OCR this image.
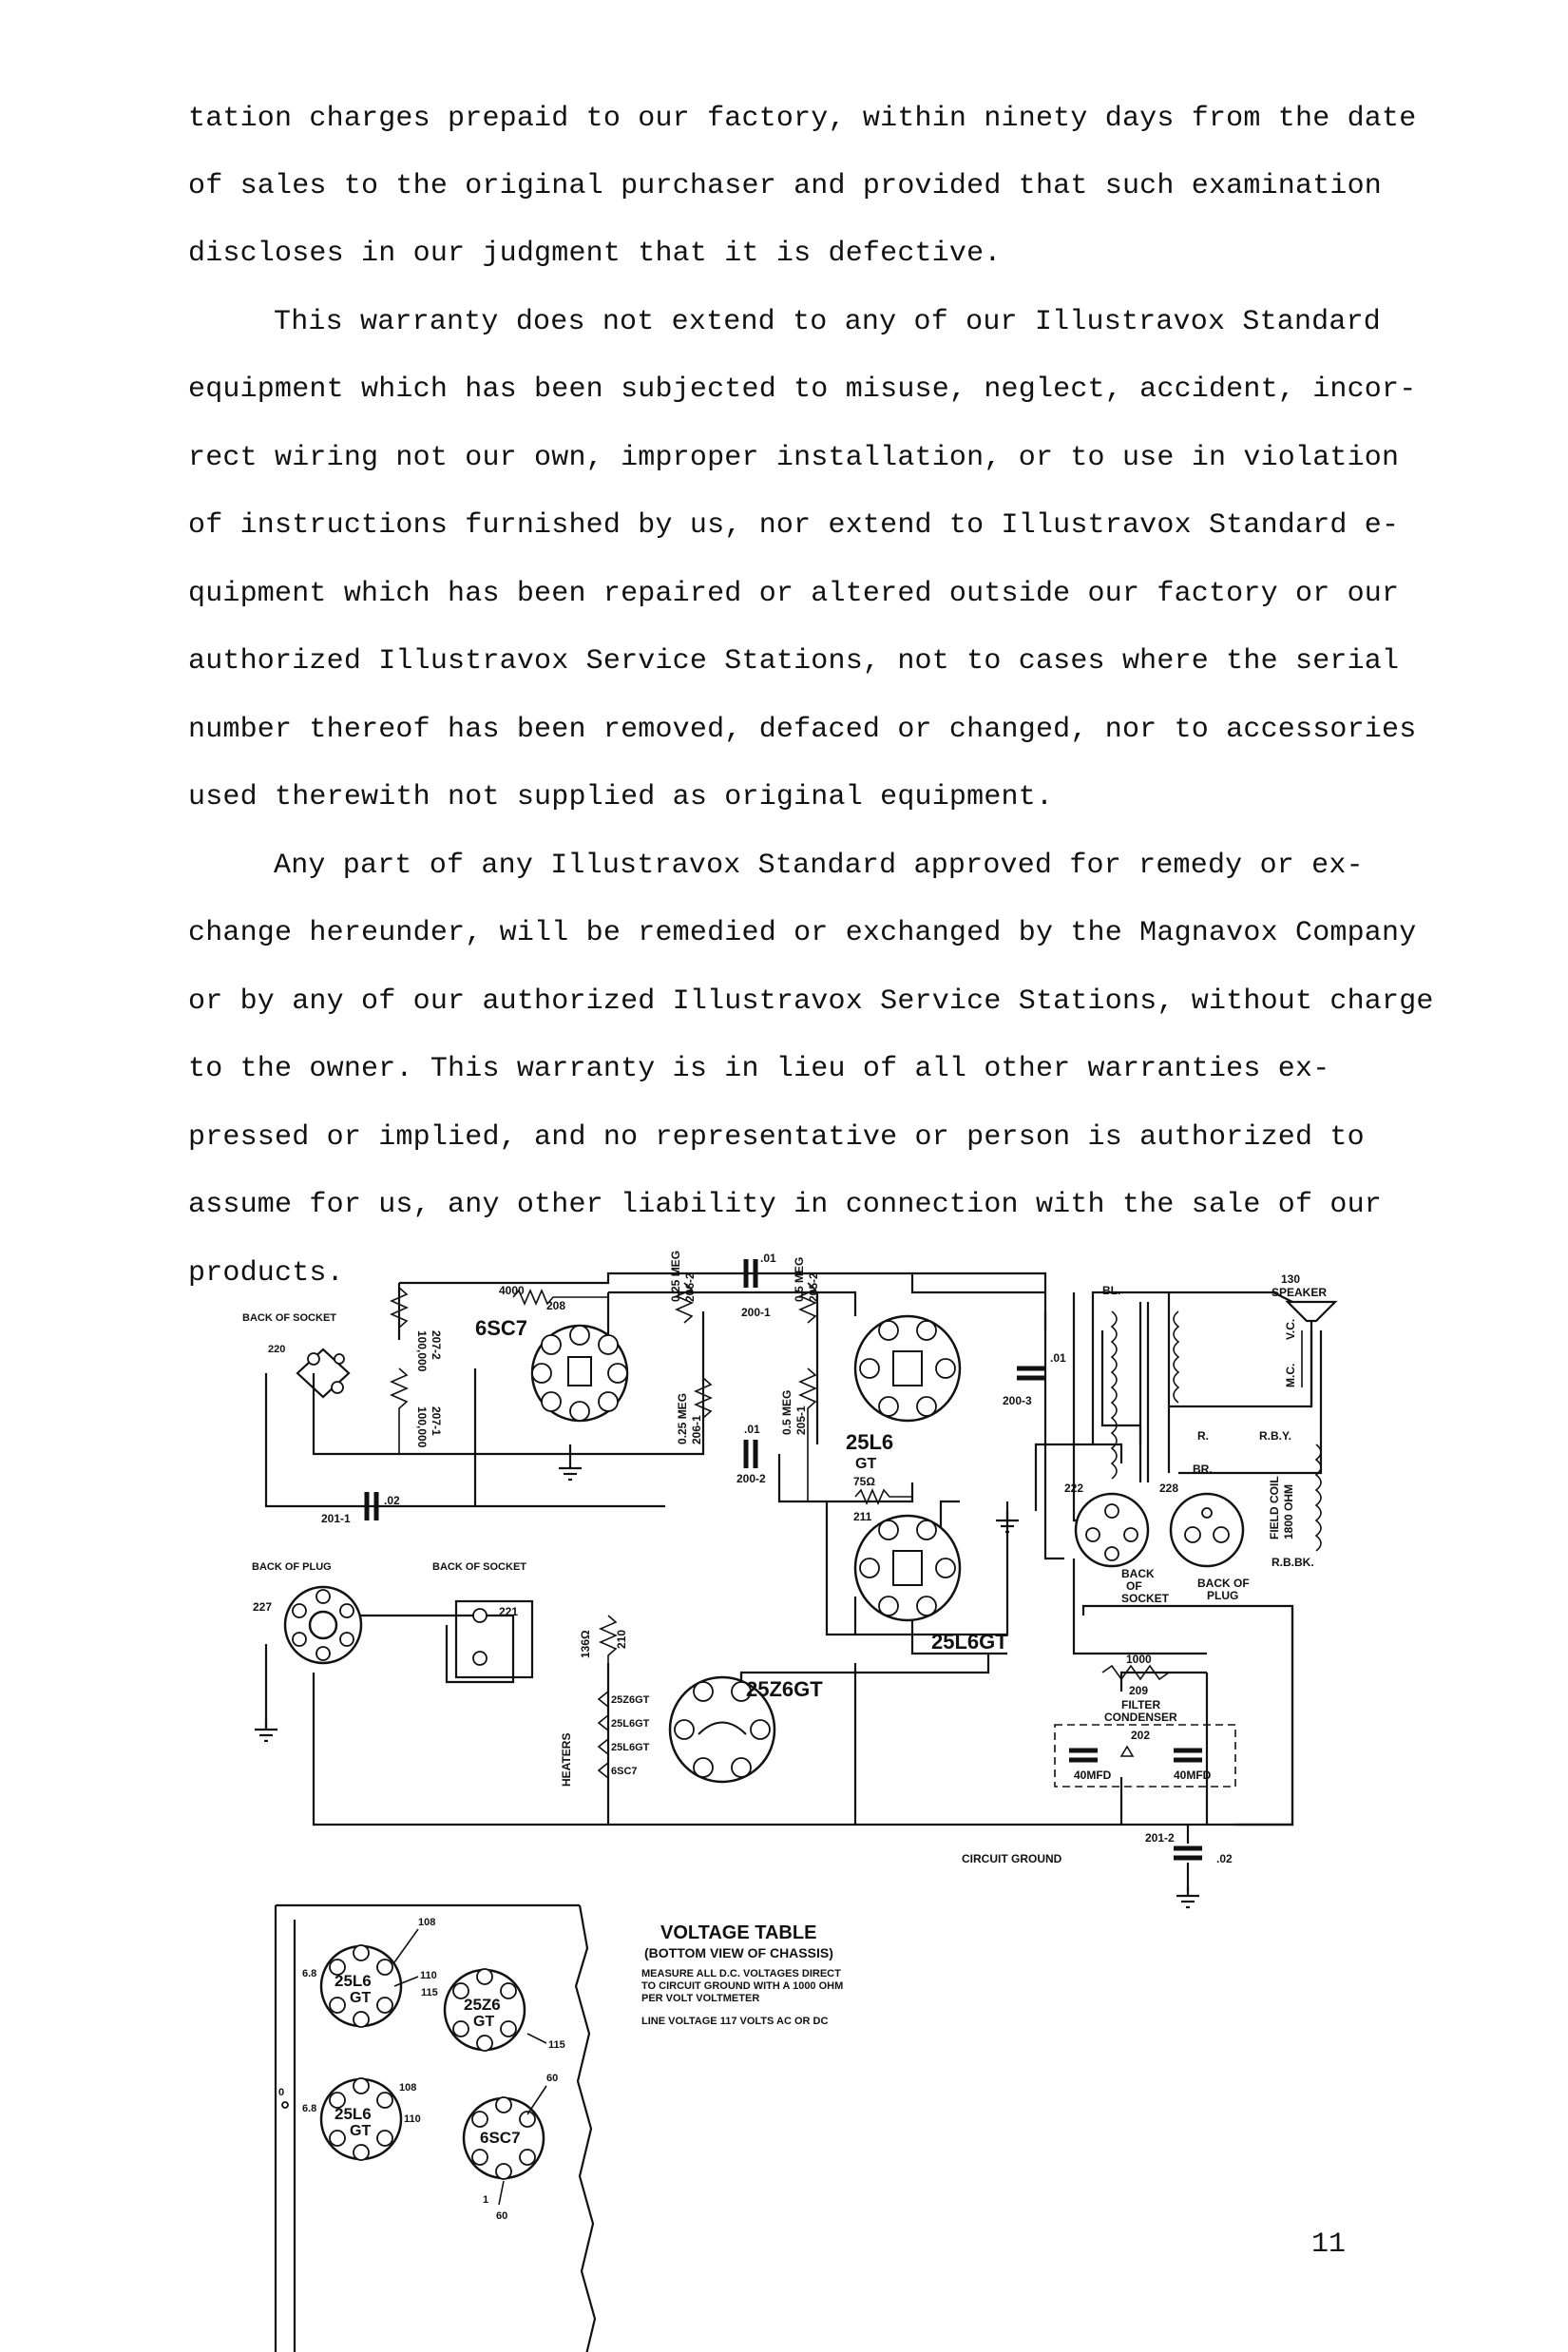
tation charges prepaid to our factory, within ninety days from the date
of sales to the original purchaser and provided that such examination
discloses in our judgment that it is defective.
This warranty does not extend to any of our Illustravox Standard
equipment which has been subjected to misuse, neglect, accident, incor-
rect wiring not our own, improper installation, or to use in violation
of instructions furnished by us, nor extend to Illustravox Standard e-
quipment which has been repaired or altered outside our factory or our
authorized Illustravox Service Stations, not to cases where the serial
number thereof has been removed, defaced or changed, nor to accessories
used therewith not supplied as original equipment.
Any part of any Illustravox Standard approved for remedy or ex-
change hereunder, will be remedied or exchanged by the Magnavox Company
or by any of our authorized Illustravox Service Stations, without charge
to the owner. This warranty is in lieu of all other warranties ex-
pressed or implied, and no representative or person is authorized to
assume for us, any other liability in connection with the sale of our
products.
BACK OF SOCKET
220	100,000 207-2
100,000 207-1
4000
208
6SC7
0.25 MEG 206-2
0.25 MEG 206-1
.01
200-1
.01
200-2
0.5 MEG 205-2
0.5 MEG 205-1
25L6
GT
75Ω
211
.01
200-3
BL.
130
SPEAKER
M.C.
V.C.
R.	R.B.Y.
BR.
R.B.BK.
FIELD COIL 1800 OHM
222	228
BACK
OF
SOCKET
BACK OF
PLUG
201-1
.02
BACK OF PLUG	BACK OF SOCKET
227	221
25L6GT
136Ω 210
HEATERS
25Z6GT
25L6GT
25L6GT
6SC7
25Z6GT
1000
209
FILTER
CONDENSER
202
40MFD	40MFD
CIRCUIT GROUND
201-2
.02
25L6
GT
108
110
115
6.8
25Z6
GT
115
25L6
GT
108
110
6.8
6SC7
60
1
60
0
VOLTAGE TABLE
(BOTTOM VIEW OF CHASSIS)
MEASURE ALL D.C. VOLTAGES DIRECT
TO CIRCUIT GROUND WITH A 1000 OHM
PER VOLT VOLTMETER
LINE VOLTAGE 117 VOLTS AC OR DC
11
